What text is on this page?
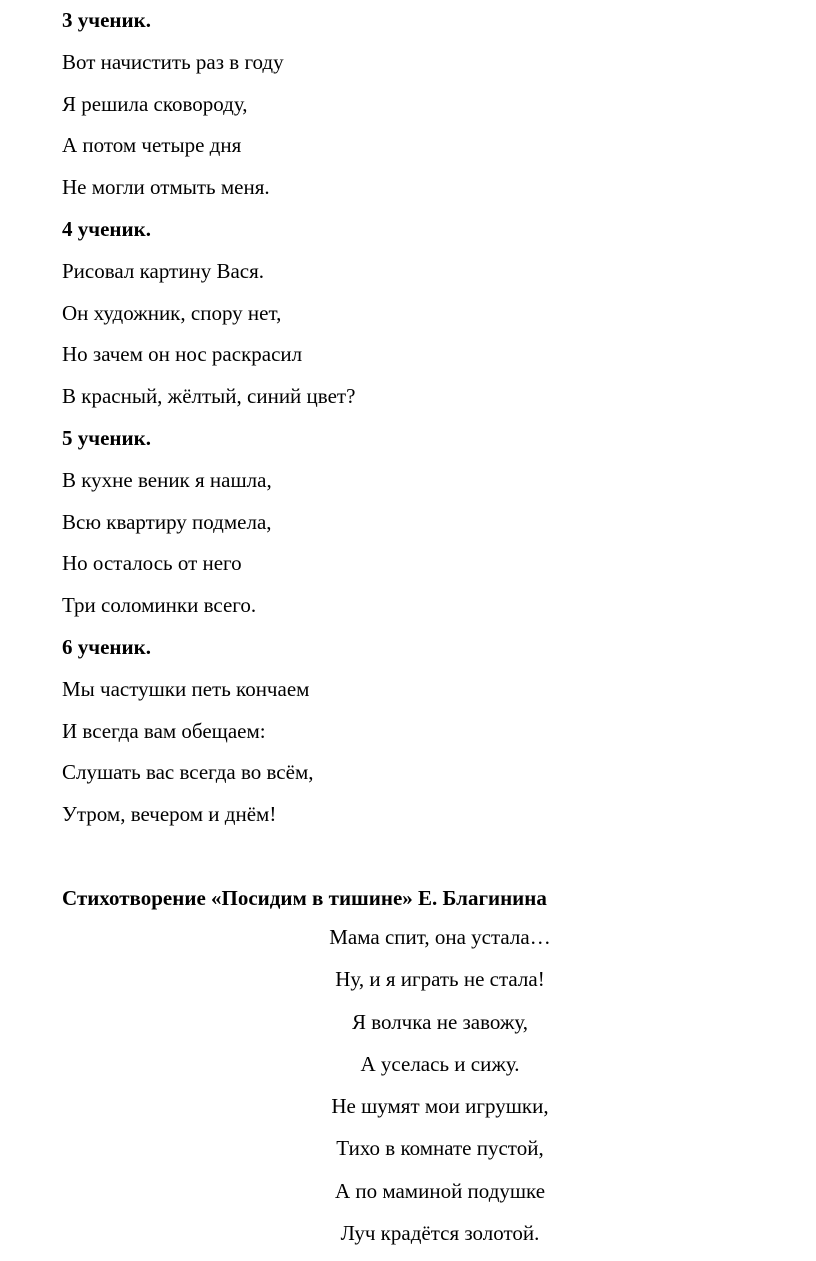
3 ученик.
Вот начистить раз в году
Я решила сковороду,
А потом четыре дня
Не могли отмыть меня.
4 ученик.
Рисовал картину Вася.
Он художник, спору нет,
Но зачем он нос раскрасил
В красный, жёлтый, синий цвет?
5 ученик.
В кухне веник я нашла,
Всю квартиру подмела,
Но осталось от него
Три соломинки всего.
6 ученик.
Мы частушки петь кончаем
И всегда вам обещаем:
Слушать вас всегда во всём,
Утром, вечером и днём!
Стихотворение «Посидим в тишине» Е. Благинина
Мама спит, она устала…
Ну, и я играть не стала!
Я волчка не завожу,
А уселась и сижу.
Не шумят мои игрушки,
Тихо в комнате пустой,
А по маминой подушке
Луч крадётся золотой.
